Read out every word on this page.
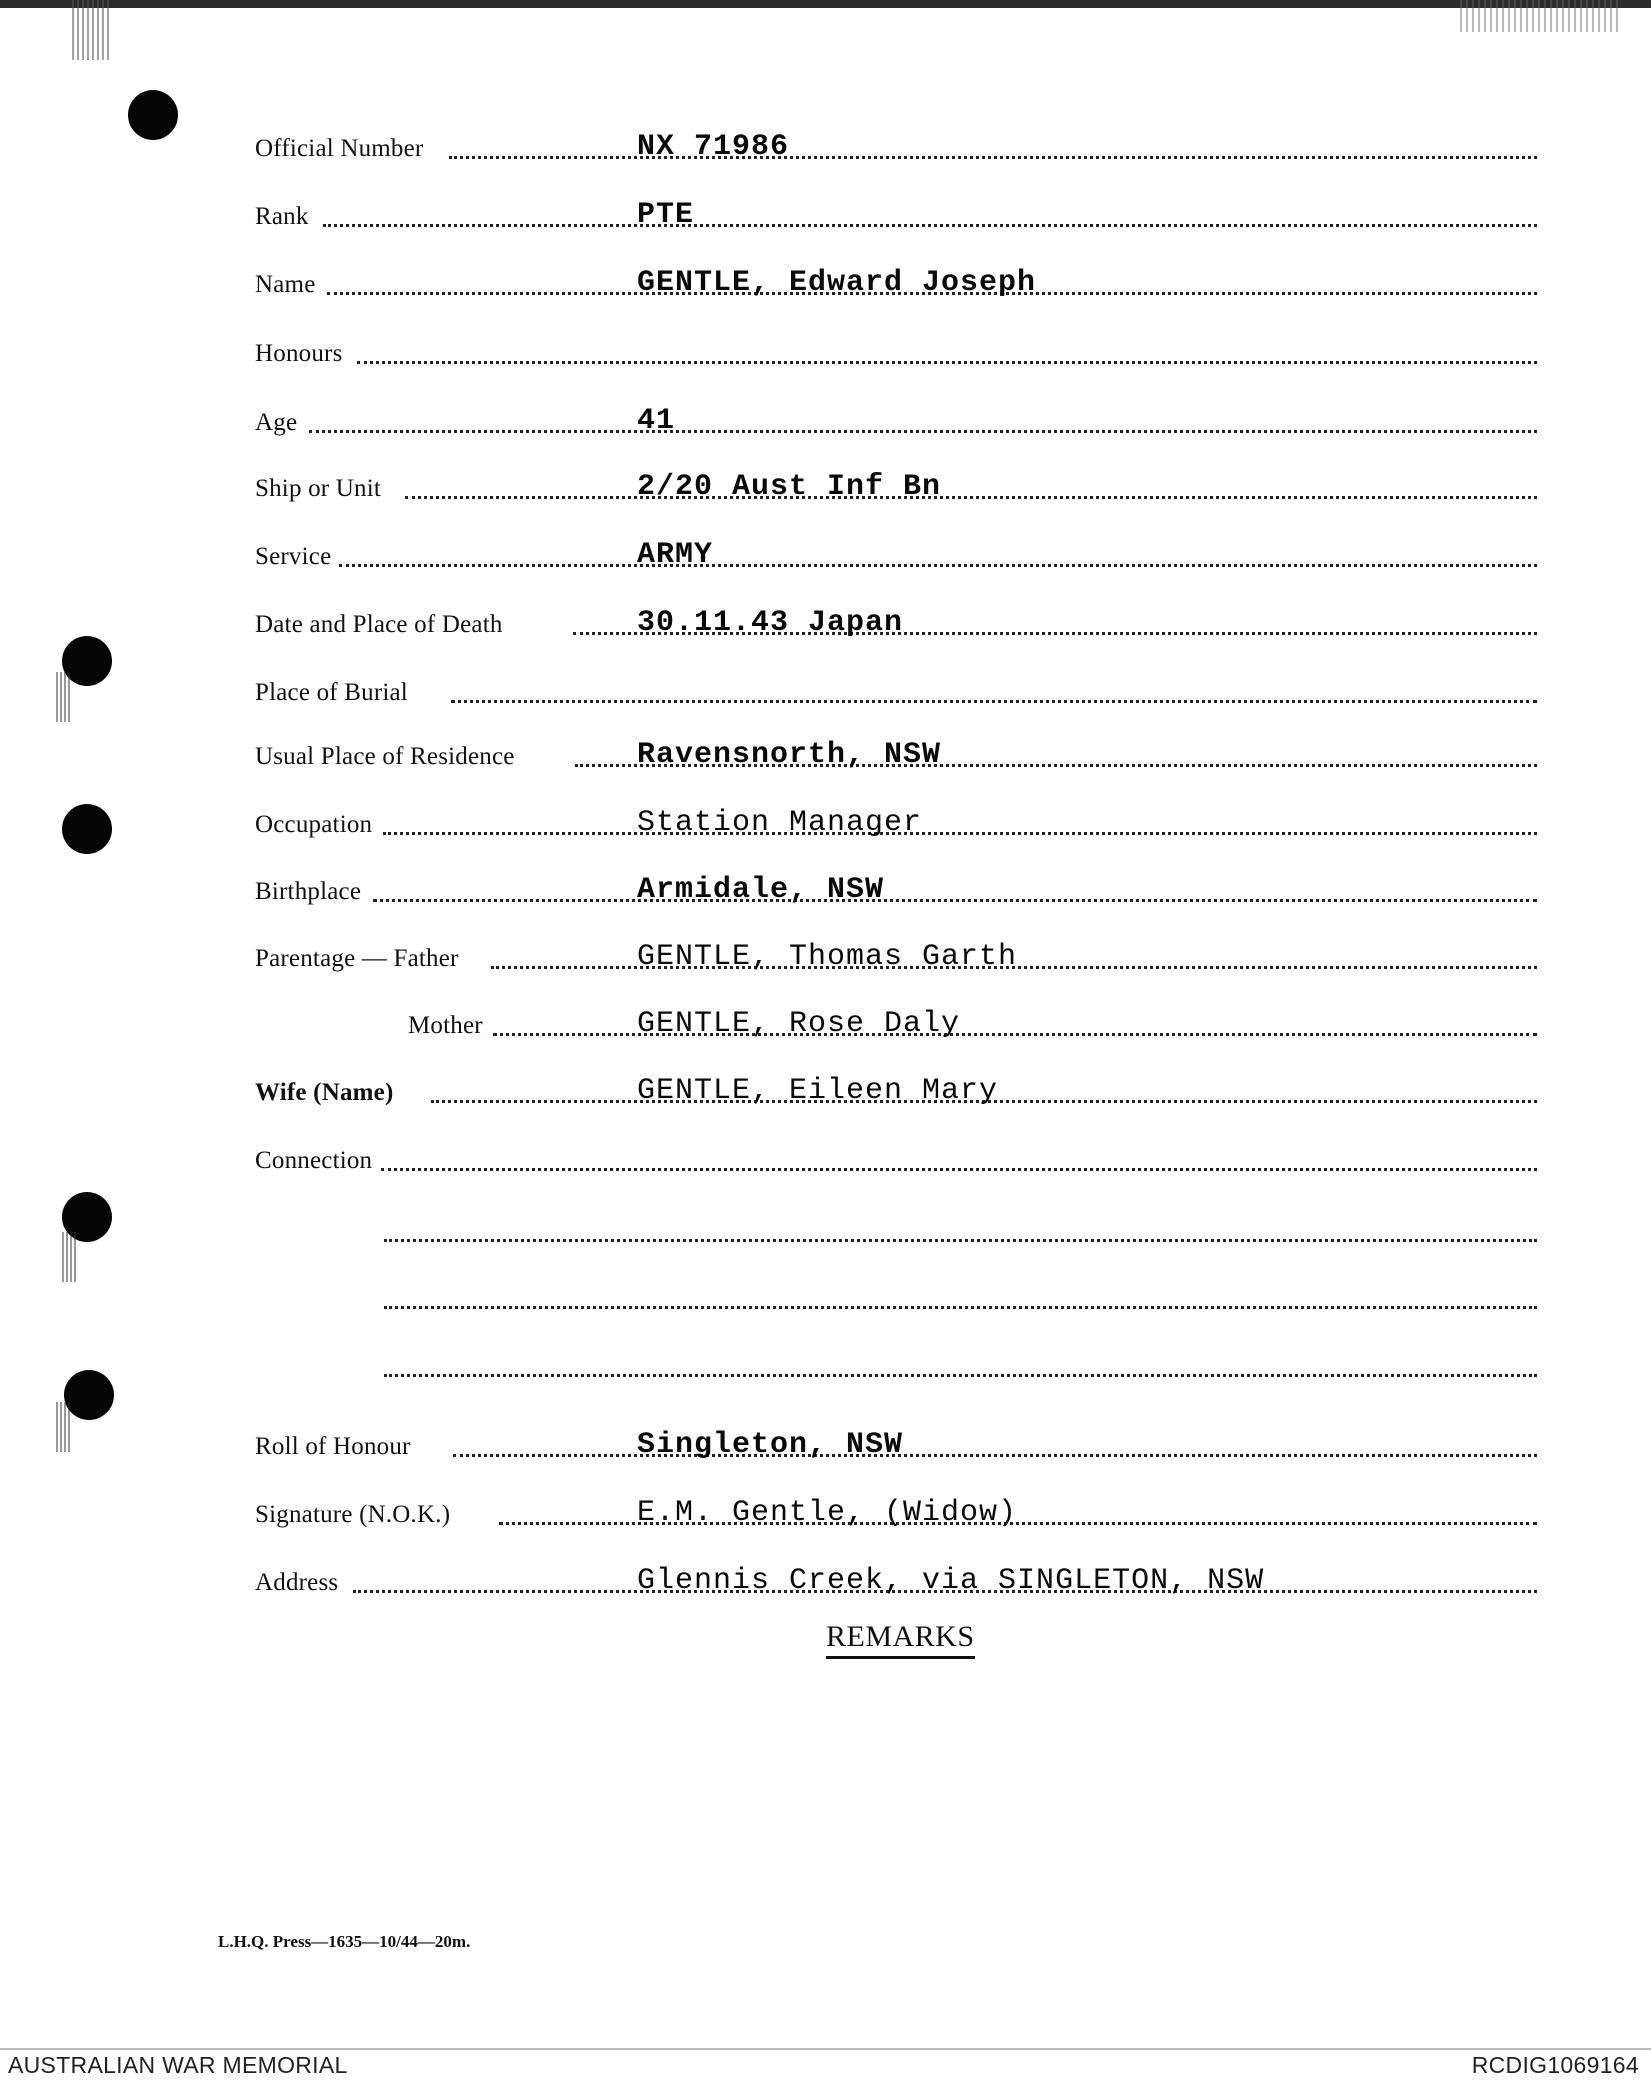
Official Number	NX 71986
Rank	PTE
Name	GENTLE, Edward Joseph
Honours
Age	41
Ship or Unit	2/20 Aust Inf Bn
Service	ARMY
Date and Place of Death	30.11.43 Japan
Place of Burial
Usual Place of Residence	Ravensnorth, NSW
Occupation	Station Manager
Birthplace	Armidale, NSW
Parentage — Father	GENTLE, Thomas Garth
Mother	GENTLE, Rose Daly
Wife (Name)	GENTLE, Eileen Mary
Connection
Roll of Honour	Singleton, NSW
Signature (N.O.K.)	E.M. Gentle, (Widow)
Address	Glennis Creek, via SINGLETON, NSW
REMARKS
L.H.Q. Press—1635—10/44—20m.
AUSTRALIAN WAR MEMORIAL	RCDIG1069164
